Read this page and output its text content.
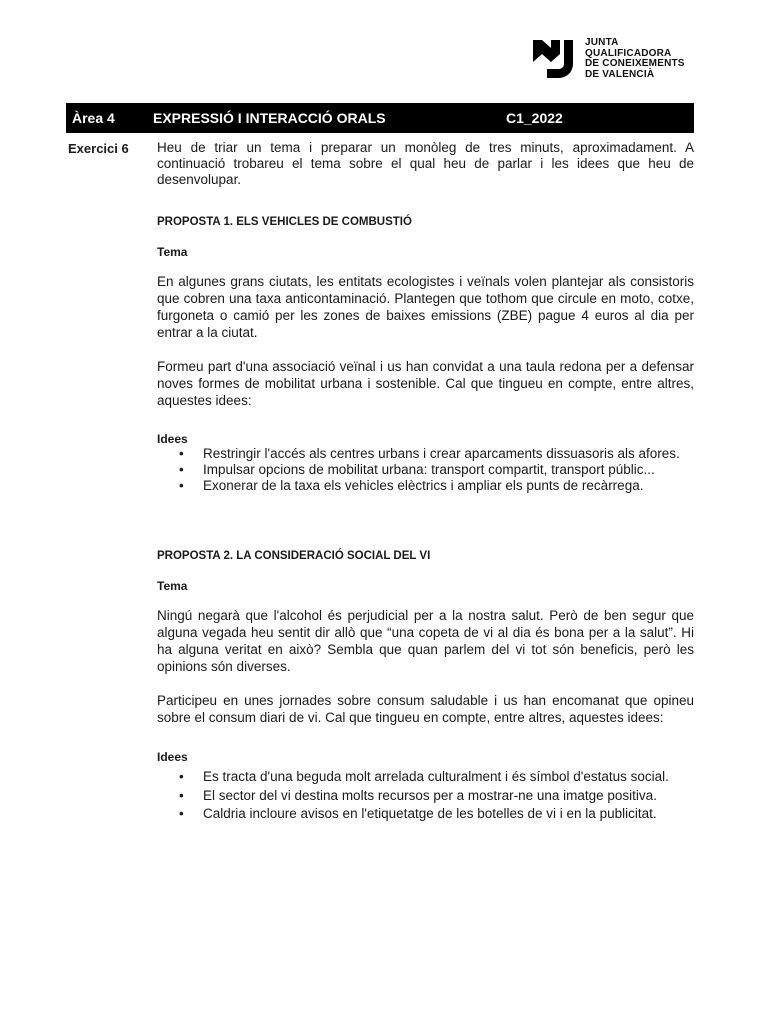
JUNTA
QUALIFICADORA
DE CONEIXEMENTS
DE VALENCIÀ
Àrea 4	EXPRESSIÓ I INTERACCIÓ ORALS	C1_2022
Exercici 6 Heu de triar un tema i preparar un monòleg de tres minuts, aproximadament. A continuació trobareu el tema sobre el qual heu de parlar i les idees que heu de desenvolupar.

PROPOSTA 1. ELS VEHICLES DE COMBUSTIÓ

Tema

En algunes grans ciutats, les entitats ecologistes i veïnals volen plantejar als consistoris que cobren una taxa anticontaminació. Plantegen que tothom que circule en moto, cotxe, furgoneta o camió per les zones de baixes emissions (ZBE) pague 4 euros al dia per entrar a la ciutat.

Formeu part d'una associació veïnal i us han convidat a una taula redona per a defensar noves formes de mobilitat urbana i sostenible. Cal que tingueu en compte, entre altres, aquestes idees:

Idees

• Restringir l'accés als centres urbans i crear aparcaments dissuasoris als afores.
• Impulsar opcions de mobilitat urbana: transport compartit, transport públic...
• Exonerar de la taxa els vehicles elèctrics i ampliar els punts de recàrrega.

PROPOSTA 2. LA CONSIDERACIÓ SOCIAL DEL VI

Tema

Ningú negarà que l'alcohol és perjudicial per a la nostra salut. Però de ben segur que alguna vegada heu sentit dir allò que “una copeta de vi al dia és bona per a la salut”. Hi ha alguna veritat en això? Sembla que quan parlem del vi tot són beneficis, però les opinions són diverses.

Participeu en unes jornades sobre consum saludable i us han encomanat que opineu sobre el consum diari de vi. Cal que tingueu en compte, entre altres, aquestes idees:

Idees

• Es tracta d'una beguda molt arrelada culturalment i és símbol d'estatus social.
• El sector del vi destina molts recursos per a mostrar-ne una imatge positiva.
• Caldria incloure avisos en l'etiquetatge de les botelles de vi i en la publicitat.
